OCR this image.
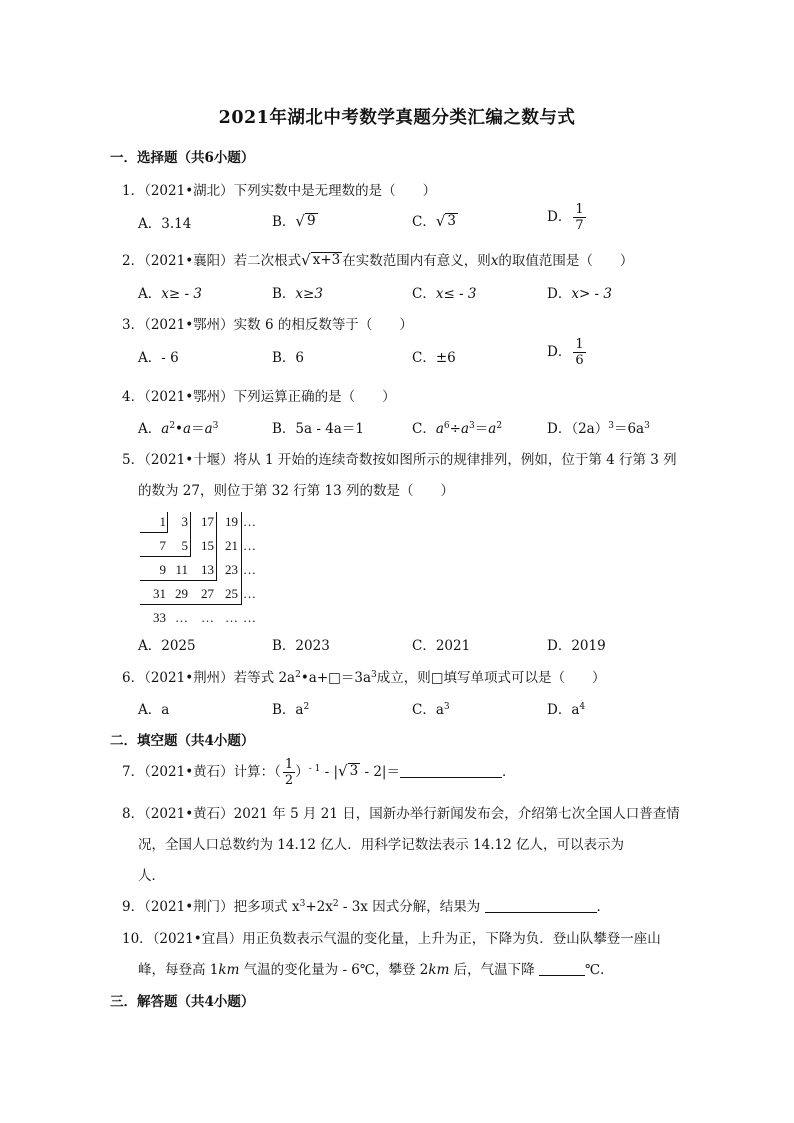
2021年湖北中考数学真题分类汇编之数与式
一．选择题（共6小题）
1．（2021•湖北）下列实数中是无理数的是（　　）
A．3.14	B． √ 9	C． √ 3	D． $\frac{1}{7}$
2．（2021•襄阳）若二次根式 √ x+3 在实数范围内有意义，则x的取值范围是（　　）
A．x≥ - 3	B．x≥3	C．x≤ - 3	D．x> - 3
3．（2021•鄂州）实数 6 的相反数等于（　　）
A．- 6	B．6	C．±6	D． $\frac{1}{6}$
4．（2021•鄂州）下列运算正确的是（　　）
A．$a^2•a=a^3$	B．5a - 4a＝1	C．$a^6\div a^3=a^2$	D．$(2a)^3=6a^3$
5．（2021•十堰）将从 1 开始的连续奇数按如图所示的规律排列，例如，位于第 4 行第 3 列
的数为 27，则位于第 32 行第 13 列的数是（　　）
1	3	17 19 …
7	5	15 21 …
9 11	13 23 …
31 29	27 25 …
33 …	… … …
A．2025	B．2023	C．2021	D．2019
6．（2021•荆州）若等式 $2a^2•a+□=3a^3$成立，则□填写单项式可以是（　　）
A．a	B．$a^2$	C．$a^3$	D．$a^4$
二．填空题（共4小题）
7．（2021•黄石）计算：（ $\frac{1}{2} )^{- 1}$ - | √ 3 - 2|＝	．
8．（2021•黄石）2021 年 5 月 21 日，国新办举行新闻发布会，介绍第七次全国人口普查情
况，全国人口总数约为 14.12 亿人．用科学记数法表示 14.12 亿人，可以表示为
人．
9．（2021•荆门）把多项式 $x^3+2x^2 - 3x$ 因式分解，结果为	．
10．（2021•宜昌）用正负数表示气温的变化量，上升为正，下降为负．登山队攀登一座山
峰，每登高 1km 气温的变化量为 - 6℃，攀登 2km 后，气温下降	℃．
三．解答题（共4小题）
